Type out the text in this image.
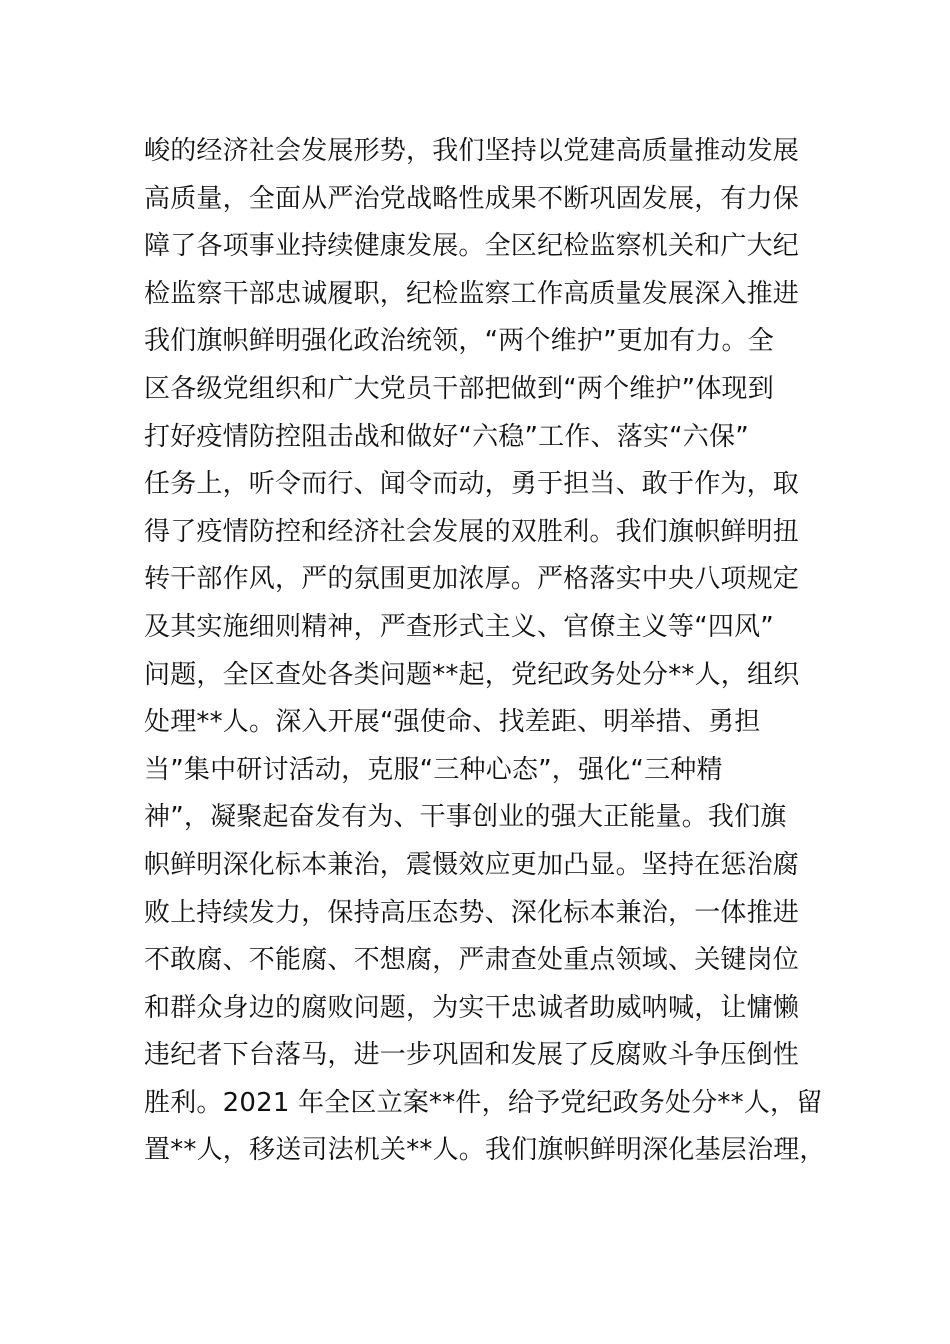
峻的经济社会发展形势，我们坚持以党建高质量推动发展
高质量，全面从严治党战略性成果不断巩固发展，有力保
障了各项事业持续健康发展。全区纪检监察机关和广大纪
检监察干部忠诚履职，纪检监察工作高质量发展深入推进
我们旗帜鲜明强化政治统领，“两个维护”更加有力。全
区各级党组织和广大党员干部把做到“两个维护”体现到
打好疫情防控阻击战和做好“六稳”工作、落实“六保”
任务上，听令而行、闻令而动，勇于担当、敢于作为，取
得了疫情防控和经济社会发展的双胜利。我们旗帜鲜明扭
转干部作风，严的氛围更加浓厚。严格落实中央八项规定
及其实施细则精神，严查形式主义、官僚主义等“四风”
问题，全区查处各类问题**起，党纪政务处分**人，组织
处理**人。深入开展“强使命、找差距、明举措、勇担
当”集中研讨活动，克服“三种心态”，强化“三种精
神”，凝聚起奋发有为、干事创业的强大正能量。我们旗
帜鲜明深化标本兼治，震慑效应更加凸显。坚持在惩治腐
败上持续发力，保持高压态势、深化标本兼治，一体推进
不敢腐、不能腐、不想腐，严肃查处重点领域、关键岗位
和群众身边的腐败问题，为实干忠诚者助威呐喊，让慵懒
违纪者下台落马，进一步巩固和发展了反腐败斗争压倒性
胜利。2021 年全区立案**件，给予党纪政务处分**人，留
置**人，移送司法机关**人。我们旗帜鲜明深化基层治理，
